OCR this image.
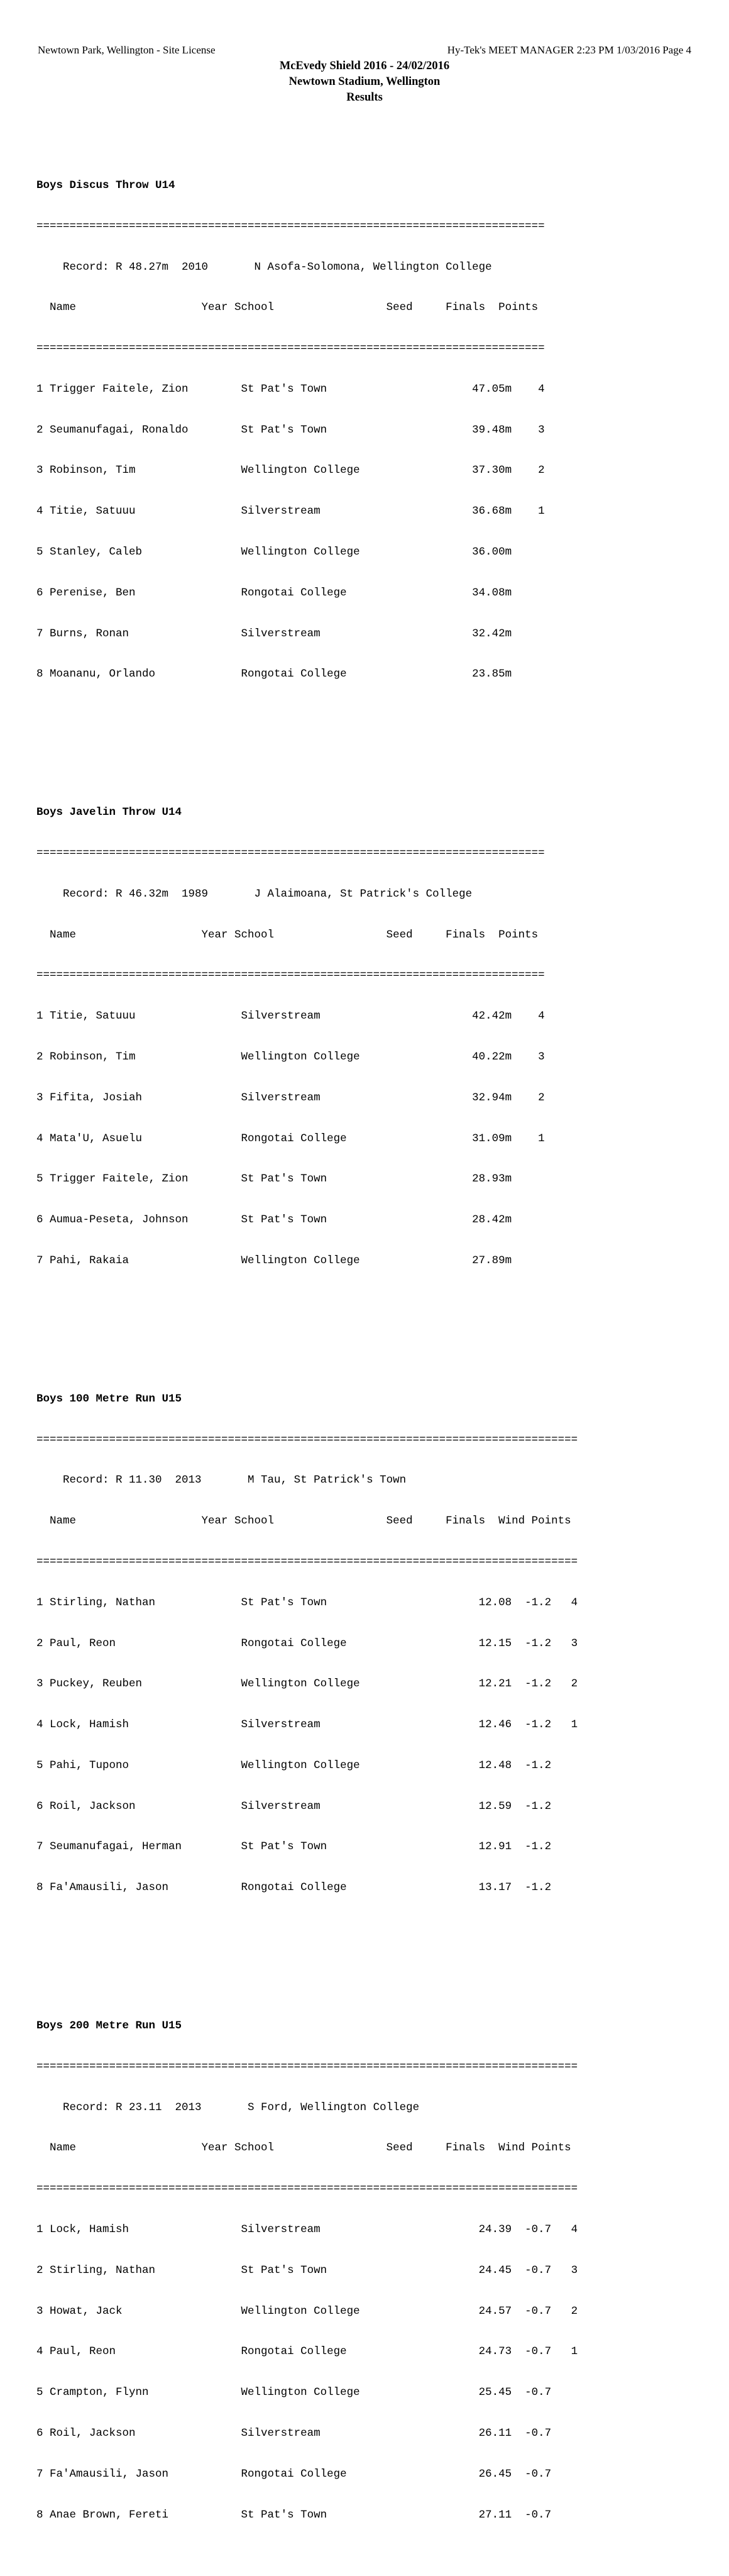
Newtown Park, Wellington - Site License	Hy-Tek's MEET MANAGER 2:23 PM 1/03/2016 Page 4
McEvedy Shield 2016 - 24/02/2016
Newtown Stadium, Wellington
Results

Boys Discus Throw U14

=============================================================================

Record: R 48.27m  2010       N Asofa-Solomona, Wellington College

Name                   Year School                 Seed     Finals  Points

=============================================================================

1 Trigger Faitele, Zion        St Pat's Town                      47.05m    4

2 Seumanufagai, Ronaldo        St Pat's Town                      39.48m    3

3 Robinson, Tim                Wellington College                 37.30m    2

4 Titie, Satuuu                Silverstream                       36.68m    1

5 Stanley, Caleb               Wellington College                 36.00m

6 Perenise, Ben                Rongotai College                   34.08m

7 Burns, Ronan                 Silverstream                       32.42m

8 Moananu, Orlando             Rongotai College                   23.85m

Boys Javelin Throw U14

=============================================================================

Record: R 46.32m  1989       J Alaimoana, St Patrick's College

Name                   Year School                 Seed     Finals  Points

=============================================================================

1 Titie, Satuuu                Silverstream                       42.42m    4

2 Robinson, Tim                Wellington College                 40.22m    3

3 Fifita, Josiah               Silverstream                       32.94m    2

4 Mata'U, Asuelu               Rongotai College                   31.09m    1

5 Trigger Faitele, Zion        St Pat's Town                      28.93m

6 Aumua-Peseta, Johnson        St Pat's Town                      28.42m

7 Pahi, Rakaia                 Wellington College                 27.89m

Boys 100 Metre Run U15

==================================================================================

Record: R 11.30  2013       M Tau, St Patrick's Town

Name                   Year School                 Seed     Finals  Wind Points

==================================================================================

1 Stirling, Nathan             St Pat's Town                       12.08  -1.2   4

2 Paul, Reon                   Rongotai College                    12.15  -1.2   3

3 Puckey, Reuben               Wellington College                  12.21  -1.2   2

4 Lock, Hamish                 Silverstream                        12.46  -1.2   1

5 Pahi, Tupono                 Wellington College                  12.48  -1.2

6 Roil, Jackson                Silverstream                        12.59  -1.2

7 Seumanufagai, Herman         St Pat's Town                       12.91  -1.2

8 Fa'Amausili, Jason           Rongotai College                    13.17  -1.2

Boys 200 Metre Run U15

==================================================================================

Record: R 23.11  2013       S Ford, Wellington College

Name                   Year School                 Seed     Finals  Wind Points

==================================================================================

1 Lock, Hamish                 Silverstream                        24.39  -0.7   4

2 Stirling, Nathan             St Pat's Town                       24.45  -0.7   3

3 Howat, Jack                  Wellington College                  24.57  -0.7   2

4 Paul, Reon                   Rongotai College                    24.73  -0.7   1

5 Crampton, Flynn              Wellington College                  25.45  -0.7

6 Roil, Jackson                Silverstream                        26.11  -0.7

7 Fa'Amausili, Jason           Rongotai College                    26.45  -0.7

8 Anae Brown, Fereti           St Pat's Town                       27.11  -0.7
